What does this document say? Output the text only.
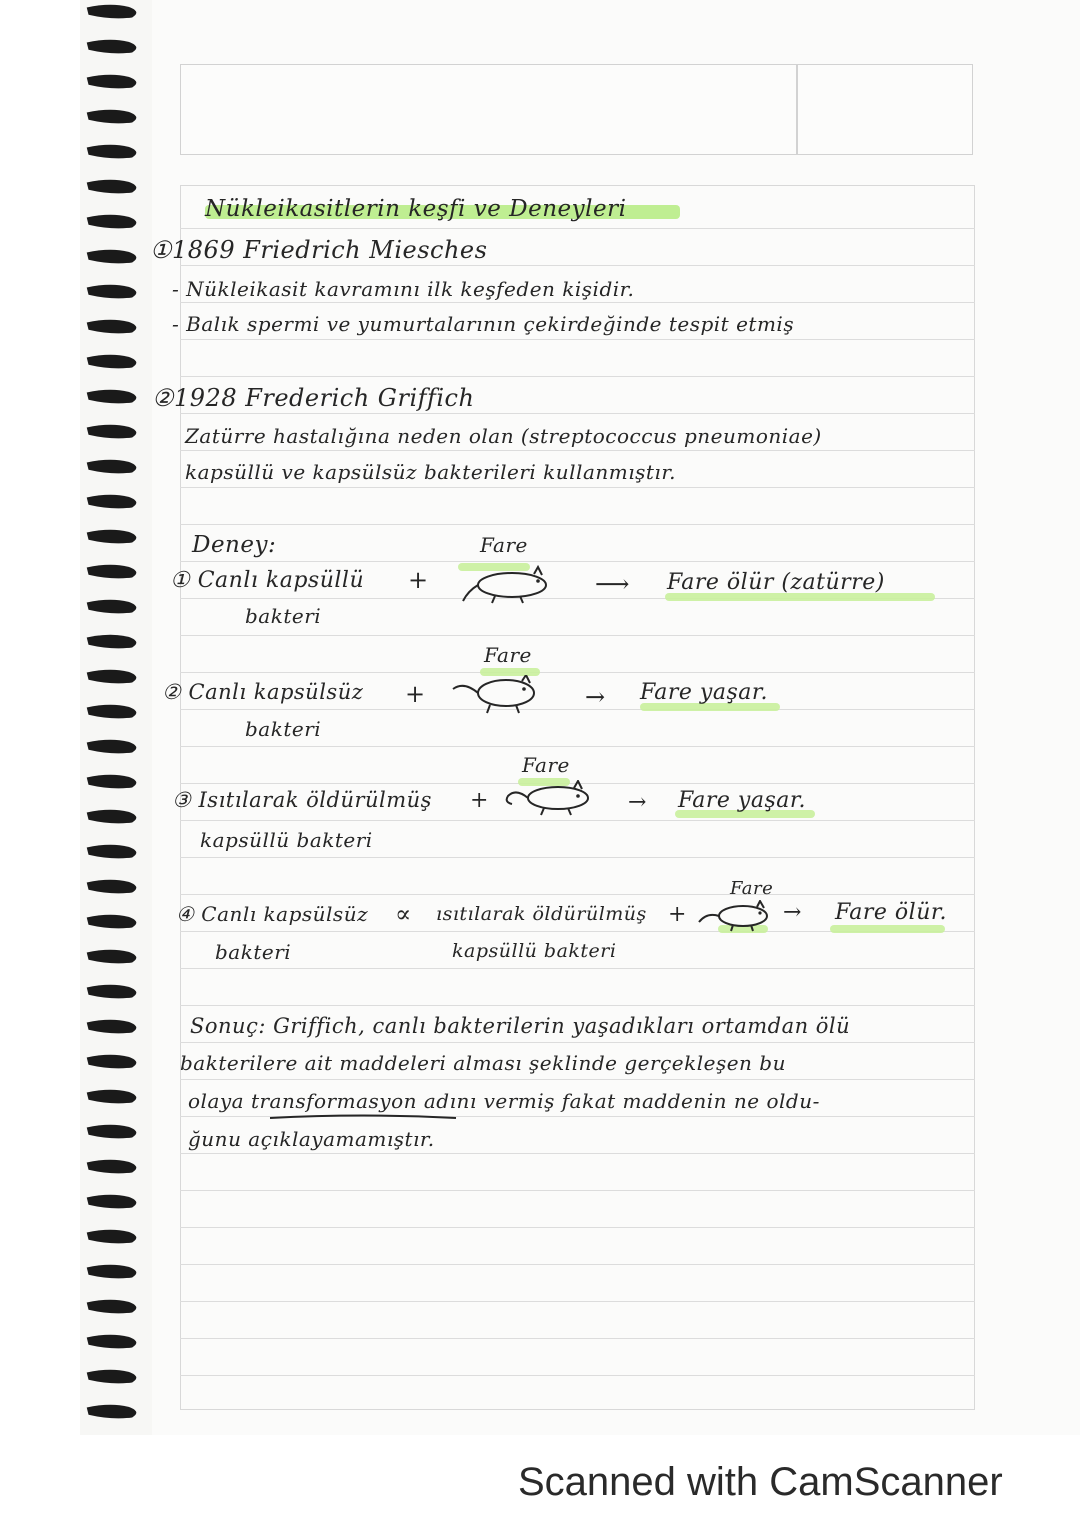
Nükleikasitlerin keşfi ve Deneyleri
①1869 Friedrich Miesches
- Nükleikasit kavramını ilk keşfeden kişidir.
- Balık spermi ve yumurtalarının çekirdeğinde tespit etmiş
②1928 Frederich Griffich
Zatürre hastalığına neden olan (streptococcus pneumoniae)
kapsüllü ve kapsülsüz bakterileri kullanmıştır.
Deney:
① Canlı kapsüllü
bakteri
+
Fare
⟶ Fare ölür (zatürre)
② Canlı kapsülsüz
bakteri
+
Fare
→ Fare yaşar.
③ Isıtılarak öldürülmüş
kapsüllü bakteri
+
Fare
→ Fare yaşar.
④ Canlı kapsülsüz
bakteri
∝ ısıtılarak öldürülmüş
kapsüllü bakteri
+
Fare
→ Fare ölür.
Sonuç: Griffich, canlı bakterilerin yaşadıkları ortamdan ölü
bakterilere ait maddeleri alması şeklinde gerçekleşen bu
olaya transformasyon adını vermiş fakat maddenin ne oldu-
ğunu açıklayamamıştır.
Scanned with CamScanner
